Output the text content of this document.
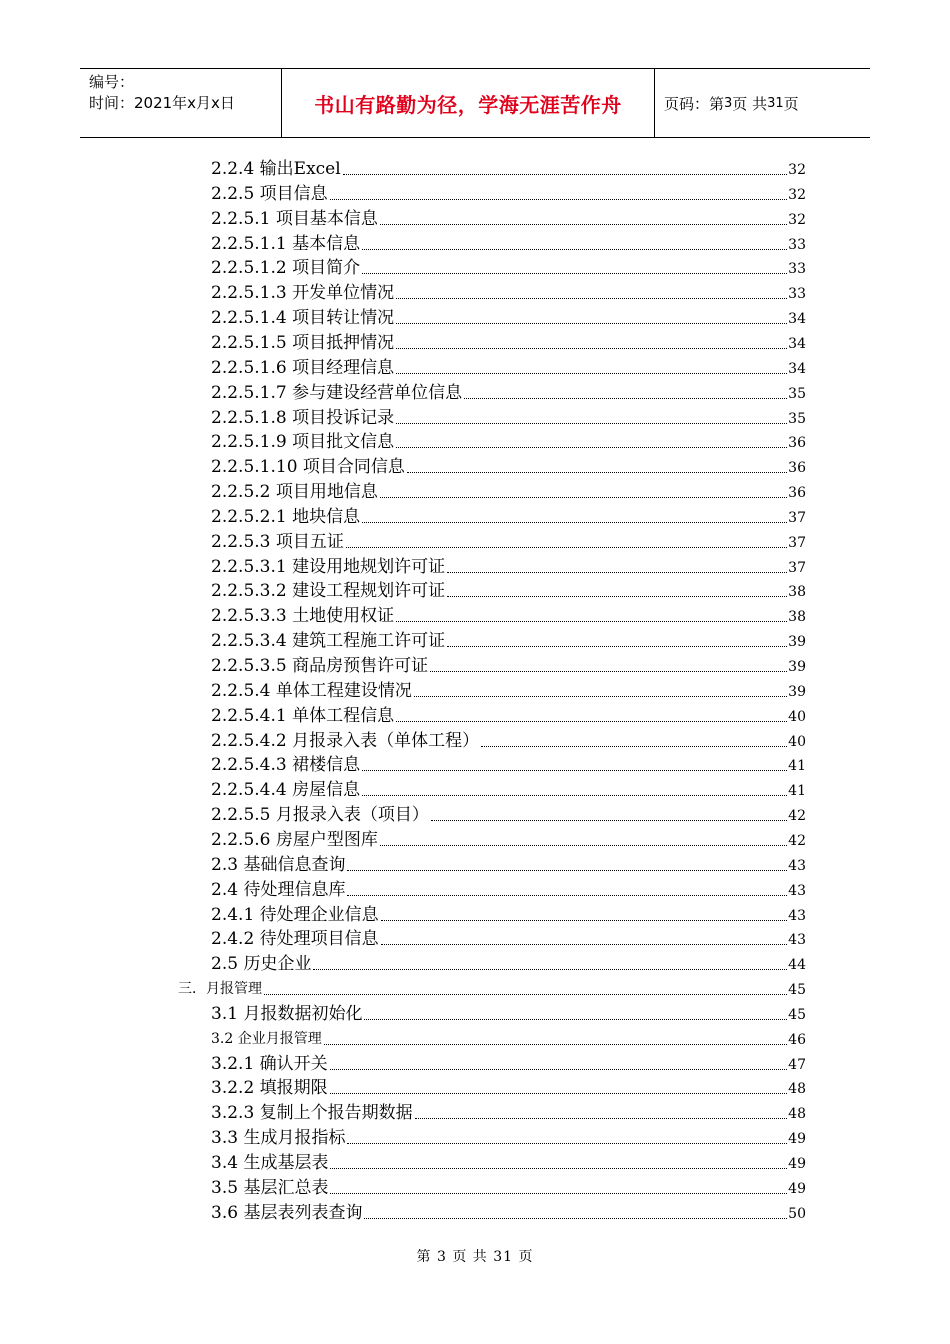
编号：
时间：2021年x月x日	书山有路勤为径，学海无涯苦作舟	页码：第 3 页 共 31 页
2.2.4 输出Excel	32
2.2.5 项目信息	32
2.2.5.1 项目基本信息	32
2.2.5.1.1 基本信息	33
2.2.5.1.2 项目简介	33
2.2.5.1.3 开发单位情况	33
2.2.5.1.4 项目转让情况	34
2.2.5.1.5 项目抵押情况	34
2.2.5.1.6 项目经理信息	34
2.2.5.1.7 参与建设经营单位信息	35
2.2.5.1.8 项目投诉记录	35
2.2.5.1.9 项目批文信息	36
2.2.5.1.10 项目合同信息	36
2.2.5.2 项目用地信息	36
2.2.5.2.1 地块信息	37
2.2.5.3 项目五证	37
2.2.5.3.1 建设用地规划许可证	37
2.2.5.3.2 建设工程规划许可证	38
2.2.5.3.3 土地使用权证	38
2.2.5.3.4 建筑工程施工许可证	39
2.2.5.3.5 商品房预售许可证	39
2.2.5.4 单体工程建设情况	39
2.2.5.4.1 单体工程信息	40
2.2.5.4.2 月报录入表（单体工程）	40
2.2.5.4.3 裙楼信息	41
2.2.5.4.4 房屋信息	41
2.2.5.5 月报录入表（项目）	42
2.2.5.6 房屋户型图库	42
2.3 基础信息查询	43
2.4 待处理信息库	43
2.4.1 待处理企业信息	43
2.4.2 待处理项目信息	43
2.5 历史企业	44
三．月报管理	45
3.1 月报数据初始化	45
3.2 企业月报管理	46
3.2.1 确认开关	47
3.2.2 填报期限	48
3.2.3 复制上个报告期数据	48
3.3 生成月报指标	49
3.4 生成基层表	49
3.5 基层汇总表	49
3.6 基层表列表查询	50
第 3 页 共 31 页
